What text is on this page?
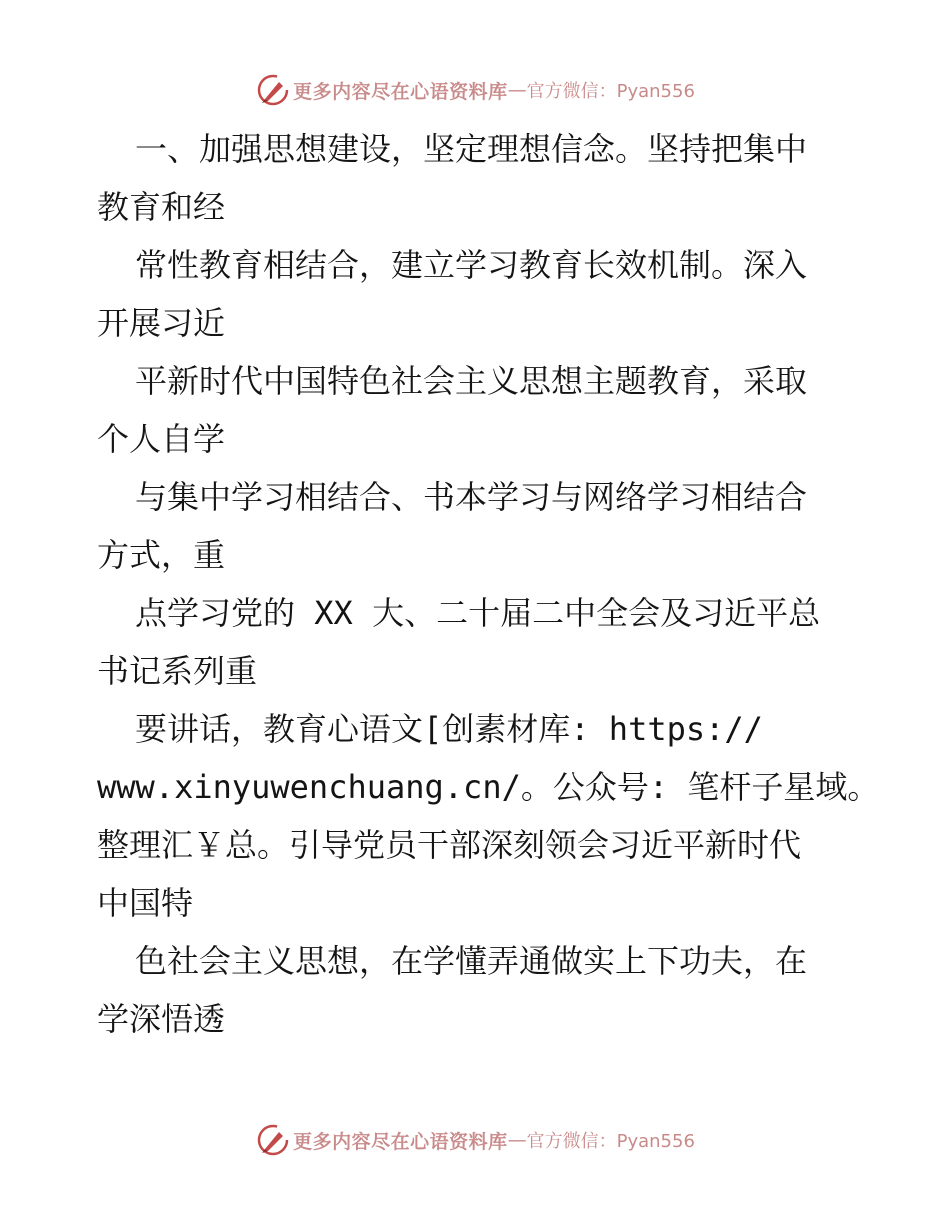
更多内容尽在心语资料库 — 官方微信：Pyan556
一、加强思想建设，坚定理想信念。坚持把集中
教育和经
常性教育相结合，建立学习教育长效机制。深入
开展习近
平新时代中国特色社会主义思想主题教育，采取
个人自学
与集中学习相结合、书本学习与网络学习相结合
方式，重
点学习党的 XX 大、二十届二中全会及习近平总
书记系列重
要讲话，教育心语文[创素材库: https://
www.xinyuwenchuang.cn/。公众号: 笔杆子星域。
整理汇￥总。引导党员干部深刻领会习近平新时代
中国特
色社会主义思想，在学懂弄通做实上下功夫，在
学深悟透
更多内容尽在心语资料库 — 官方微信：Pyan556
